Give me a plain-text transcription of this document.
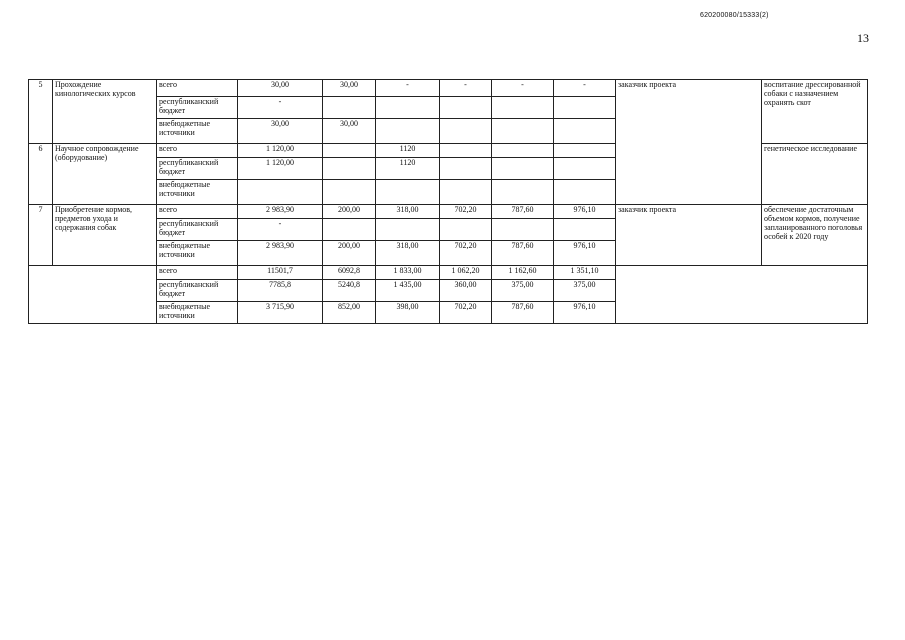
620200080/15333(2)
13
5	Прохождение кинологических курсов	всего	30,00	30,00	-	-	-	-	заказчик проекта	воспитание дрессированной собаки с назначением охранять скот
		республиканский бюджет	-							
		внебюджетные источники	30,00	30,00						
6	Научное сопровождение (оборудование)	всего	1 120,00		1120					генетическое исследование
		республиканский бюджет	1 120,00		1120					
		внебюджетные источники								
7	Приобретение кормов, предметов ухода и содержания собак	всего	2 983,90	200,00	318,00	702,20	787,60	976,10	заказчик проекта	обеспечение достаточным объемом кормов, получение запланированного поголовья особей к 2020 году
		республиканский бюджет	-							
		внебюджетные источники	2 983,90	200,00	318,00	702,20	787,60	976,10		
		всего	11501,7	6092,8	1 833,00	1 062,20	1 162,60	1 351,10		
		республиканский бюджет	7785,8	5240,8	1 435,00	360,00	375,00	375,00		
		внебюджетные источники	3 715,90	852,00	398,00	702,20	787,60	976,10		
